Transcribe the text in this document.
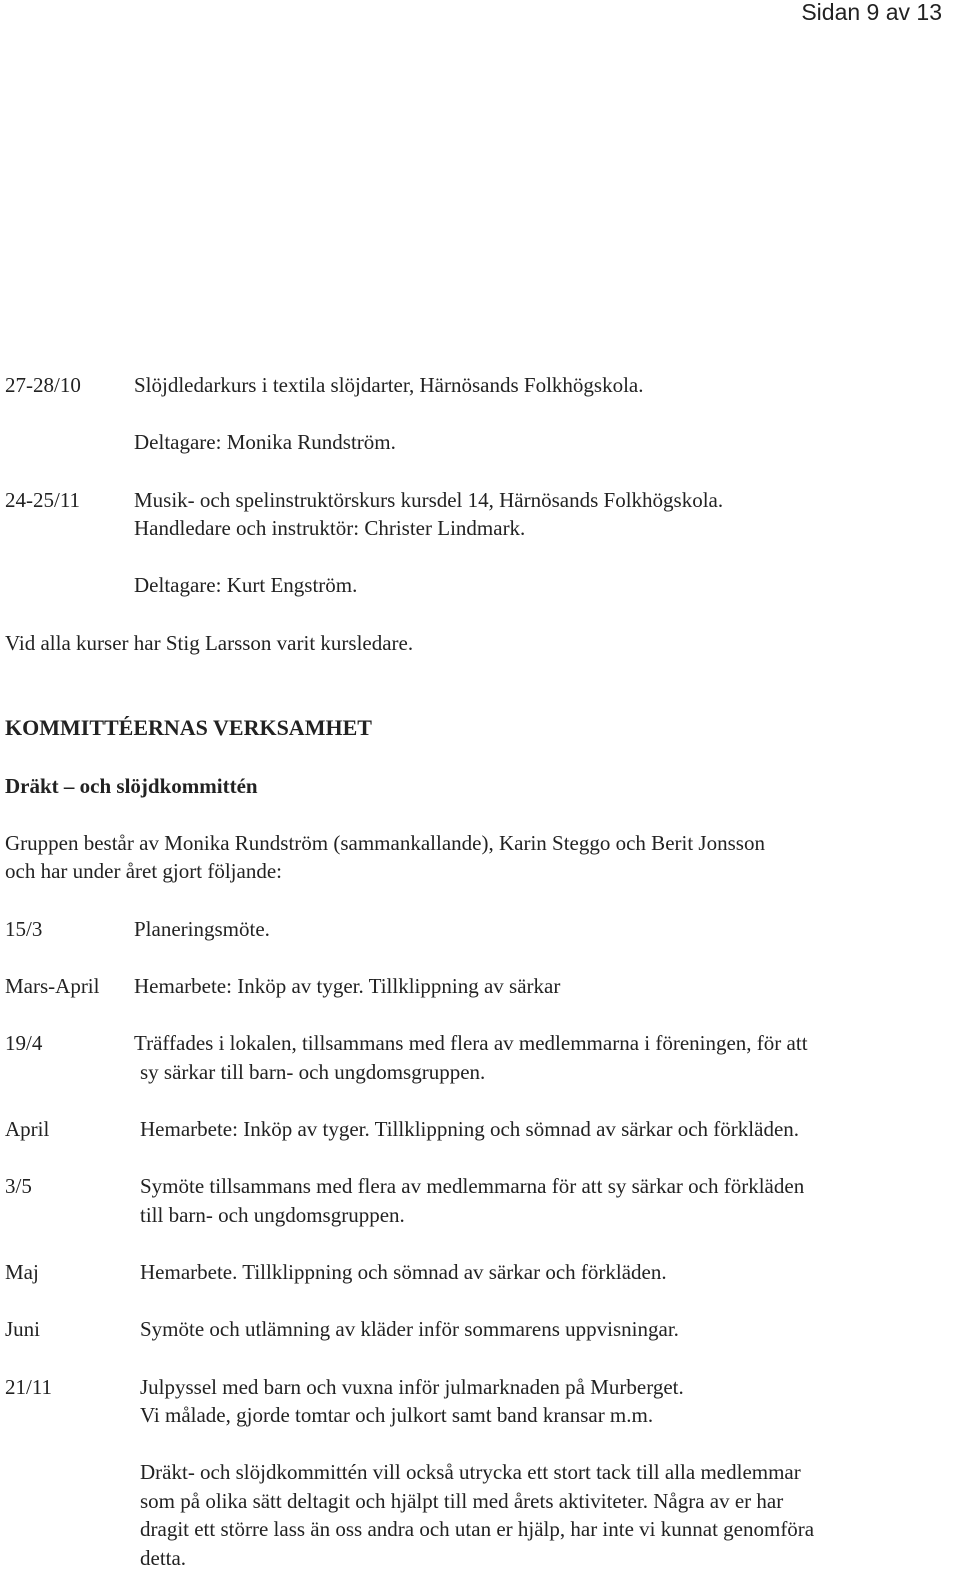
Sidan 9 av 13
27-28/10	Slöjdledarkurs i textila slöjdarter, Härnösands Folkhögskola.
Deltagare: Monika Rundström.
24-25/11	Musik- och spelinstruktörskurs kursdel 14, Härnösands Folkhögskola.
Handledare och instruktör: Christer Lindmark.
Deltagare: Kurt Engström.
Vid alla kurser har Stig Larsson varit kursledare.
KOMMITTÉERNAS VERKSAMHET
Dräkt – och slöjdkommittén
Gruppen består av Monika Rundström (sammankallande), Karin Steggo och Berit Jonsson
och har under året gjort följande:
15/3	Planeringsmöte.
Mars-April Hemarbete: Inköp av tyger. Tillklippning av särkar
19/4	Träffades i lokalen, tillsammans med flera av medlemmarna i föreningen, för att
sy särkar till barn- och ungdomsgruppen.
April	Hemarbete: Inköp av tyger. Tillklippning och sömnad av särkar och förkläden.
3/5	Symöte tillsammans med flera av medlemmarna för att sy särkar och förkläden
till barn- och ungdomsgruppen.
Maj	Hemarbete. Tillklippning och sömnad av särkar och förkläden.
Juni	Symöte och utlämning av kläder inför sommarens uppvisningar.
21/11	Julpyssel med barn och vuxna inför julmarknaden på Murberget.
Vi målade, gjorde tomtar och julkort samt band kransar m.m.
Dräkt- och slöjdkommittén vill också utrycka ett stort tack till alla medlemmar
som på olika sätt deltagit och hjälpt till med årets aktiviteter. Några av er har
dragit ett större lass än oss andra och utan er hjälp, har inte vi kunnat genomföra
detta.
